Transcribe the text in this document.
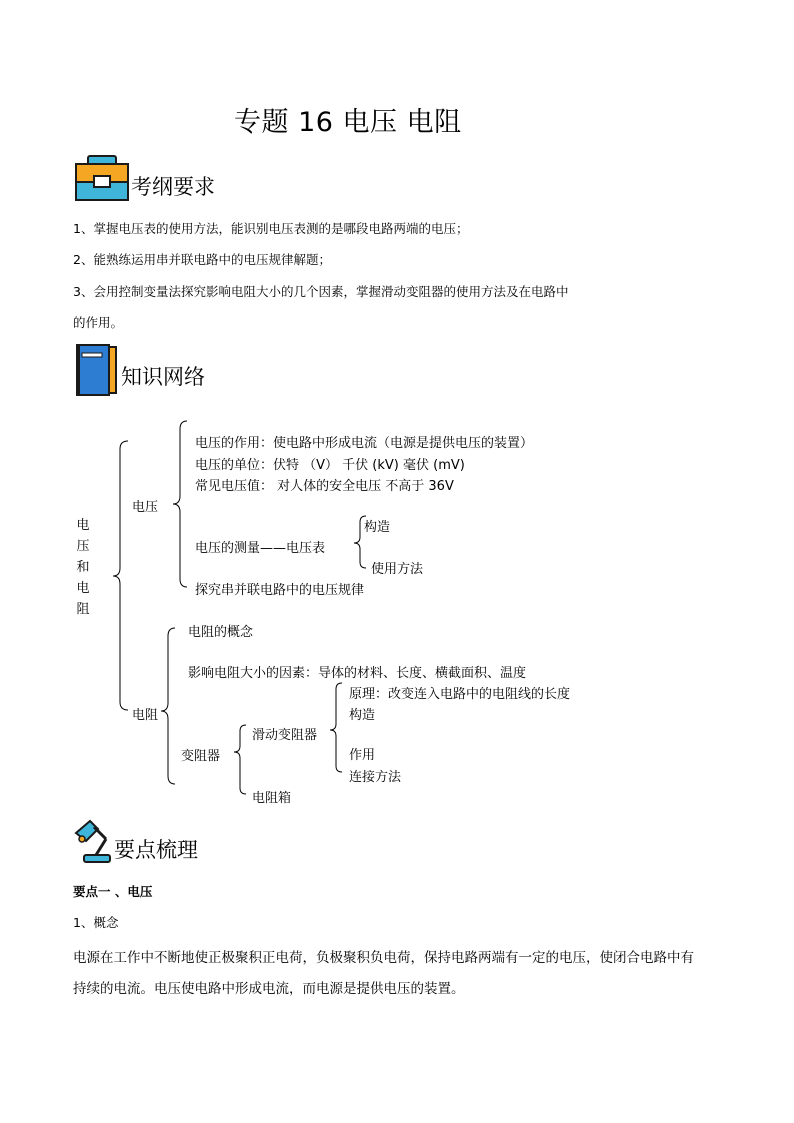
专题 16 电压 电阻
考纲要求
1、掌握电压表的使用方法，能识别电压表测的是哪段电路两端的电压；
2、能熟练运用串并联电路中的电压规律解题；
3、会用控制变量法探究影响电阻大小的几个因素，掌握滑动变阻器的使用方法及在电路中
的作用。
知识网络
电压和电阻
电压
电压的作用：使电路中形成电流（电源是提供电压的装置）
电压的单位：伏特 （V） 千伏 (kV) 毫伏 (mV)
常见电压值： 对人体的安全电压 不高于 36V
电压的测量——电压表
构造
使用方法
探究串并联电路中的电压规律
电阻
电阻的概念
影响电阻大小的因素：导体的材料、长度、横截面积、温度
变阻器
滑动变阻器
原理：改变连入电路中的电阻线的长度
构造
作用
连接方法
电阻箱
要点梳理
要点一 、电压
1、概念
电源在工作中不断地使正极聚积正电荷，负极聚积负电荷，保持电路两端有一定的电压，使闭合电路中有
持续的电流。电压使电路中形成电流，而电源是提供电压的装置。
